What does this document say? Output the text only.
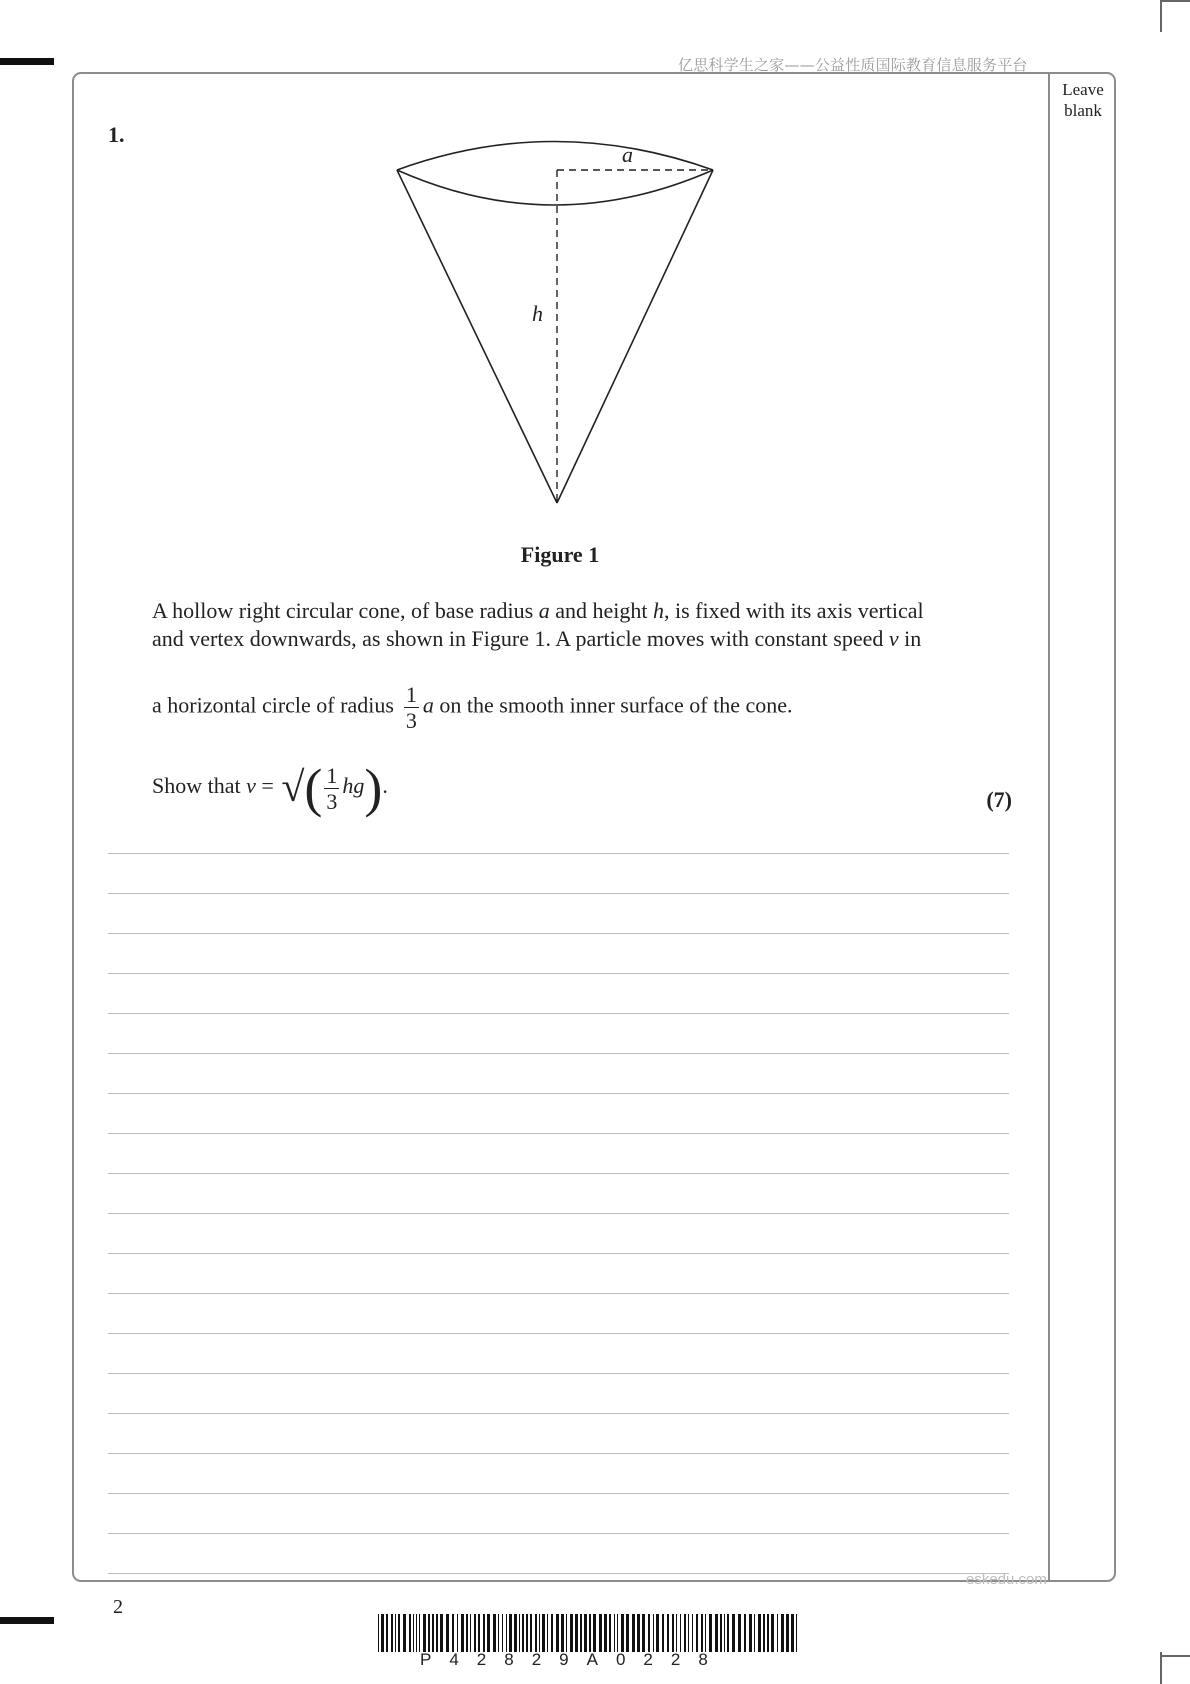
亿思科学生之家——公益性质国际教育信息服务平台
Leave
blank
1.
a
h
Figure 1
A hollow right circular cone, of base radius a and height h, is fixed with its axis vertical
and vertex downwards, as shown in Figure 1. A particle moves with constant speed v in
a horizontal circle of radius $\frac{1}{3}$ a on the smooth inner surface of the cone.
Show that v = √( $\frac{1}{3} hg$).
(7)
eskedu.com
2
P42829A0228
